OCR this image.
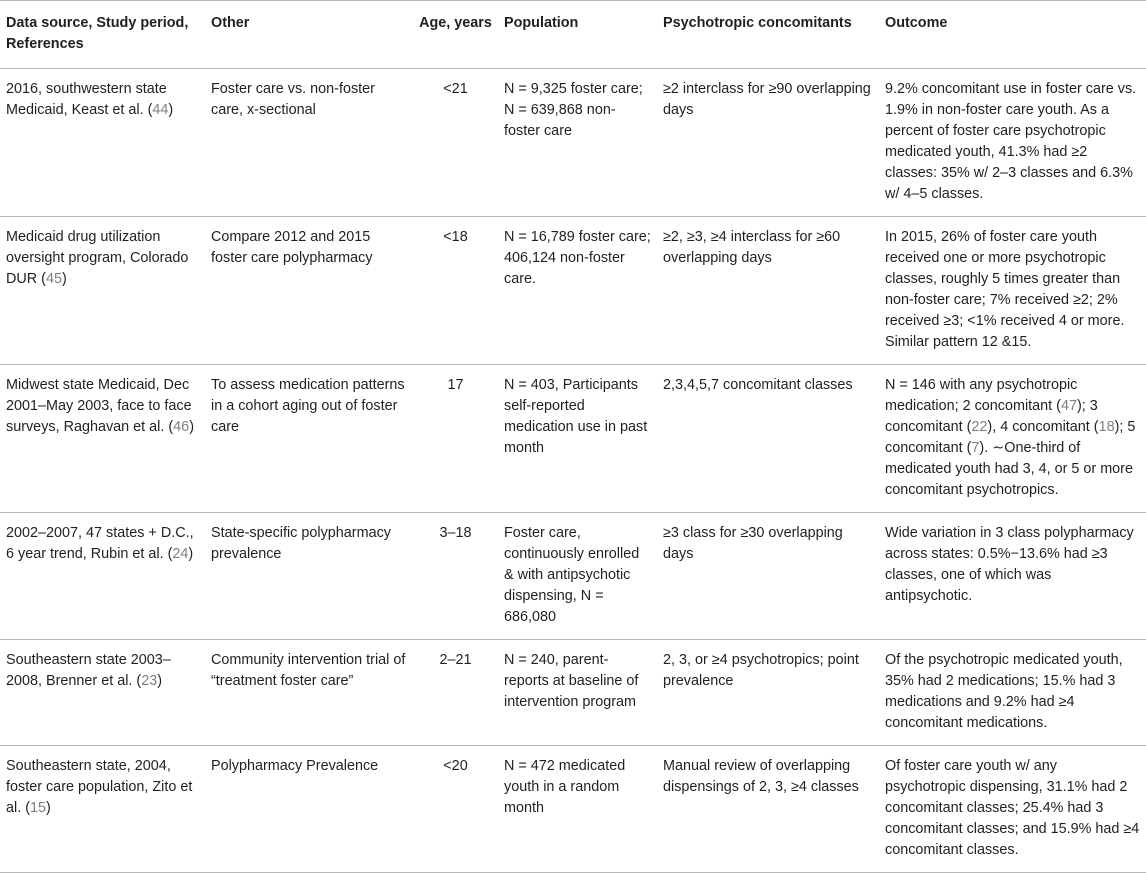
Data source, Study period, References	Other	Age, years	Population	Psychotropic concomitants	Outcome
2016, southwestern state Medicaid, Keast et al. (44)	Foster care vs. non-foster care, x-sectional	<21	N = 9,325 foster care; N = 639,868 non-foster care	≥2 interclass for ≥90 overlapping days	9.2% concomitant use in foster care vs. 1.9% in non-foster care youth. As a percent of foster care psychotropic medicated youth, 41.3% had ≥2 classes: 35% w/ 2–3 classes and 6.3% w/ 4–5 classes.
Medicaid drug utilization oversight program, Colorado DUR (45)	Compare 2012 and 2015 foster care polypharmacy	<18	N = 16,789 foster care; 406,124 non-foster care.	≥2, ≥3, ≥4 interclass for ≥60 overlapping days	In 2015, 26% of foster care youth received one or more psychotropic classes, roughly 5 times greater than non-foster care; 7% received ≥2; 2% received ≥3; <1% received 4 or more. Similar pattern 12 &15.
Midwest state Medicaid, Dec 2001–May 2003, face to face surveys, Raghavan et al. (46)	To assess medication patterns in a cohort aging out of foster care	17	N = 403, Participants self-reported medication use in past month	2,3,4,5,7 concomitant classes	N = 146 with any psychotropic medication; 2 concomitant (47); 3 concomitant (22), 4 concomitant (18); 5 concomitant (7). ∼One-third of medicated youth had 3, 4, or 5 or more concomitant psychotropics.
2002–2007, 47 states + D.C., 6 year trend, Rubin et al. (24)	State-specific polypharmacy prevalence	3–18	Foster care, continuously enrolled & with antipsychotic dispensing, N = 686,080	≥3 class for ≥30 overlapping days	Wide variation in 3 class polypharmacy across states: 0.5%−13.6% had ≥3 classes, one of which was antipsychotic.
Southeastern state 2003–2008, Brenner et al. (23)	Community intervention trial of “treatment foster care”	2–21	N = 240, parent-reports at baseline of intervention program	2, 3, or ≥4 psychotropics; point prevalence	Of the psychotropic medicated youth, 35% had 2 medications; 15.% had 3 medications and 9.2% had ≥4 concomitant medications.
Southeastern state, 2004, foster care population, Zito et al. (15)	Polypharmacy Prevalence	<20	N = 472 medicated youth in a random month	Manual review of overlapping dispensings of 2, 3, ≥4 classes	Of foster care youth w/ any psychotropic dispensing, 31.1% had 2 concomitant classes; 25.4% had 3 concomitant classes; and 15.9% had ≥4 concomitant classes.
